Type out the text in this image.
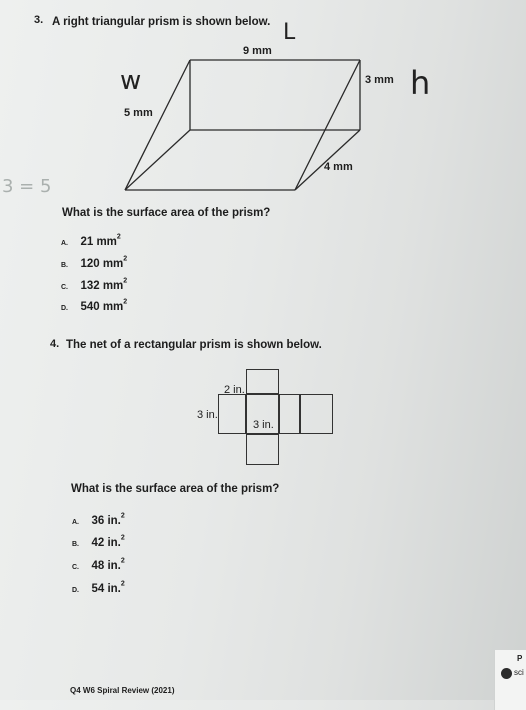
3. A right triangular prism is shown below.
9 mm
5 mm
3 mm
4 mm
L
w	h
3 = 5
What is the surface area of the prism?
A. 21 $mm^2$
B. 120 $mm^2$
C. 132 $mm^2$
D. 540 $mm^2$
4. The net of a rectangular prism is shown below.
2 in.
3 in.
3 in.
What is the surface area of the prism?
A. 36 in.$^2$
B. 42 in.$^2$
C. 48 in.$^2$
D. 54 in.$^2$
Q4 W6 Spiral Review (2021)
P
sci
